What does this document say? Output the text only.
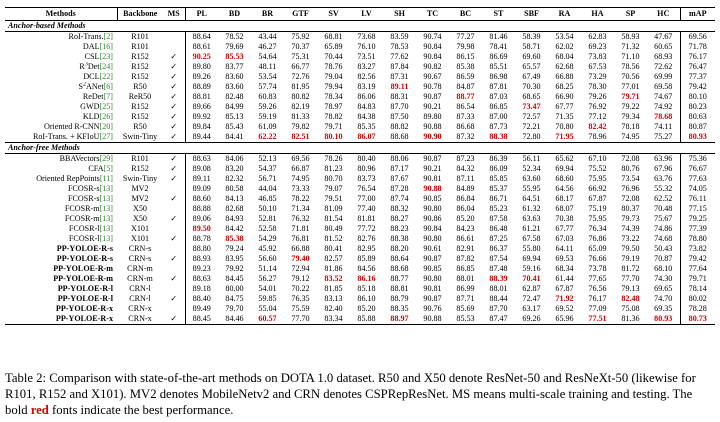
Methods	Backbone	MS	PL	BD	BR	GTF	SV	LV	SH	TC	BC	ST	SBF	RA	HA	SP	HC	mAP
Anchor-based Methods																		
RoI-Trans.[2]	R101		88.64	78.52	43.44	75.92	68.81	73.68	83.59	90.74	77.27	81.46	58.39	53.54	62.83	58.93	47.67	69.56
DAL[16]	R101		88.61	79.69	46.27	70.37	65.89	76.10	78.53	90.84	79.98	78.41	58.71	62.02	69.23	71.32	60.65	71.78
CSL[23]	R152	✓	90.25	85.53	54.64	75.31	70.44	73.51	77.62	90.84	86.15	86.69	69.60	68.04	73.83	71.10	68.93	76.17
$R^3Det[24]$	R152	✓	89.80	83.77	48.11	66.77	78.76	83.27	87.84	90.82	85.38	85.51	65.57	62.68	67.53	78.56	72.62	76.47
DCL[22]	R152	✓	89.26	83.60	53.54	72.76	79.04	82.56	87.31	90.67	86.59	86.98	67.49	66.88	73.29	70.56	69.99	77.37
$S^2ANet[6]$	R50	✓	88.89	83.60	57.74	81.95	79.94	83.19	89.11	90.78	84.87	87.81	70.30	68.25	78.30	77.01	69.58	79.42
ReDet[7]	ReR50	✓	88.81	82.48	60.83	80.82	78.34	86.06	88.31	90.87	88.77	87.03	68.65	66.90	79.26	79.71	74.67	80.10
GWD[25]	R152	✓	89.66	84.99	59.26	82.19	78.97	84.83	87.70	90.21	86.54	86.85	73.47	67.77	76.92	79.22	74.92	80.23
KLD[26]	R152	✓	89.92	85.13	59.19	81.33	78.82	84.38	87.50	89.80	87.33	87.00	72.57	71.35	77.12	79.34	78.68	80.63
Oriented R-CNN[20]	R50	✓	89.84	85.43	61.09	79.82	79.71	85.35	88.82	90.88	86.68	87.73	72.21	70.80	82.42	78.18	74.11	80.87
RoI-Trans. + KFIoU[27]	Swin-Tiny	✓	89.44	84.41	62.22	82.51	80.10	86.07	88.68	90.90	87.32	88.38	72.80	71.95	78.96	74.95	75.27	80.93
Anchor-free Methods																		
BBAVectors[29]	R101	✓	88.63	84.06	52.13	69.56	78.26	80.40	88.06	90.87	87.23	86.39	56.11	65.62	67.10	72.08	63.96	75.36
CFA[5]	R152	✓	89.08	83.20	54.37	66.87	81.23	80.96	87.17	90.21	84.32	86.09	52.34	69.94	75.52	80.76	67.96	76.67
Oriented RepPoints[11]	Swin-Tiny	✓	89.11	82.32	56.71	74.95	80.70	83.73	87.67	90.81	87.11	85.85	63.60	68.60	75.95	73.54	63.76	77.63
FCOSR-s[13]	MV2		89.09	80.58	44.04	73.33	79.07	76.54	87.28	90.88	84.89	85.37	55.95	64.56	66.92	76.96	55.32	74.05
FCOSR-s[13]	MV2	✓	88.60	84.13	46.85	78.22	79.51	77.00	87.74	90.85	86.84	86.71	64.51	68.17	67.87	72.08	62.52	76.11
FCOSR-m[13]	X50		88.88	82.68	50.10	71.34	81.09	77.40	88.32	90.80	86.04	85.23	61.32	68.07	75.19	80.37	70.48	77.15
FCOSR-m[13]	X50	✓	89.06	84.93	52.81	76.32	81.54	81.81	88.27	90.86	85.20	87.58	63.63	70.38	75.95	79.73	75.67	79.25
FCOSR-l[13]	X101		89.50	84.42	52.58	71.81	80.49	77.72	88.23	90.84	84.23	86.48	61.21	67.77	76.34	74.39	74.86	77.39
FCOSR-l[13]	X101	✓	88.78	85.38	54.29	76.81	81.52	82.76	88.38	90.80	86.61	87.25	67.58	67.03	76.86	73.22	74.68	78.80
PP-YOLOE-R-s	CRN-s		88.80	79.24	45.92	66.88	80.41	82.95	88.20	90.61	82.91	86.37	55.80	64.11	65.09	79.50	50.43	73.82
PP-YOLOE-R-s	CRN-s	✓	88.93	83.95	56.60	79.40	82.57	85.89	88.64	90.87	87.82	87.54	69.94	69.53	76.66	79.19	70.87	79.42
PP-YOLOE-R-m	CRN-m		89.23	79.92	51.14	72.94	81.86	84.56	88.68	90.85	86.85	87.48	59.16	68.34	73.78	81.72	68.10	77.64
PP-YOLOE-R-m	CRN-m	✓	88.63	84.45	56.27	79.12	83.52	86.16	88.77	90.80	88.01	88.39	70.41	61.44	77.65	77.70	74.30	79.71
PP-YOLOE-R-l	CRN-l		89.18	80.00	54.01	70.22	81.85	85.18	88.81	90.81	86.99	88.01	62.87	67.87	76.56	79.13	69.65	78.14
PP-YOLOE-R-l	CRN-l	✓	88.40	84.75	59.85	76.35	83.13	86.10	88.79	90.87	87.71	88.44	72.47	71.92	76.17	82.48	74.70	80.02
PP-YOLOE-R-x	CRN-x		89.49	79.70	55.04	75.59	82.40	85.20	88.35	90.76	85.69	87.70	63.17	69.52	77.09	75.08	69.35	78.28
PP-YOLOE-R-x	CRN-x	✓	88.45	84.46	60.57	77.70	83.34	85.88	88.97	90.88	85.53	87.47	69.26	65.96	77.51	81.36	80.93	80.73
Table 2: Comparison with state-of-the-art methods on DOTA 1.0 dataset. R50 and X50 denote ResNet-50 and ResNeXt-50 (likewise for R101, R152 and X101). MV2 denotes MobileNetv2 and CRN denotes CSPRepResNet. MS means multi-scale training and testing. The bold red fonts indicate the best performance.
